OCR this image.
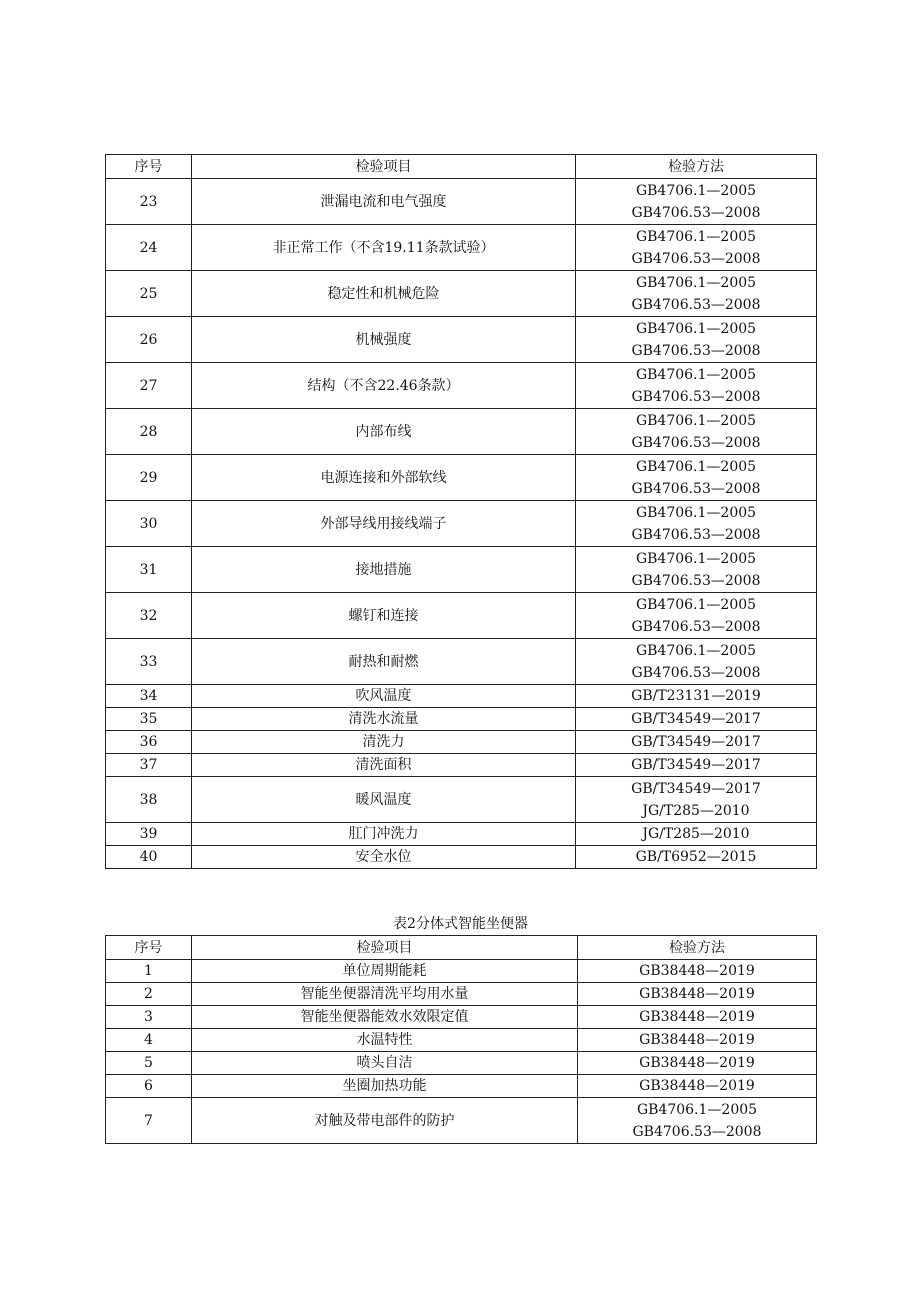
序号	检验项目	检验方法
23	泄漏电流和电气强度	GB4706.1—2005
GB4706.53—2008

24	非正常工作（不含19.11条款试验）	GB4706.1—2005
GB4706.53—2008

25	稳定性和机械危险	GB4706.1—2005
GB4706.53—2008

26	机械强度	GB4706.1—2005
GB4706.53—2008

27	结构（不含22.46条款）	GB4706.1—2005
GB4706.53—2008

28	内部布线	GB4706.1—2005
GB4706.53—2008

29	电源连接和外部软线	GB4706.1—2005
GB4706.53—2008

30	外部导线用接线端子	GB4706.1—2005
GB4706.53—2008

31	接地措施	GB4706.1—2005
GB4706.53—2008

32	螺钉和连接	GB4706.1—2005
GB4706.53—2008

33	耐热和耐燃	GB4706.1—2005
GB4706.53—2008

34	吹风温度	GB/T23131—2019

35	清洗水流量	GB/T34549—2017

36	清洗力	GB/T34549—2017

37	清洗面积	GB/T34549—2017

38	暖风温度	GB/T34549—2017
JG/T285—2010

39	肛门冲洗力	JG/T285—2010

40	安全水位	GB/T6952—2015
表2分体式智能坐便器
序号	检验项目	检验方法
1	单位周期能耗	GB38448—2019

2	智能坐便器清洗平均用水量	GB38448—2019

3	智能坐便器能效水效限定值	GB38448—2019

4	水温特性	GB38448—2019

5	喷头自洁	GB38448—2019

6	坐圈加热功能	GB38448—2019

7	对触及带电部件的防护	GB4706.1—2005
GB4706.53—2008
